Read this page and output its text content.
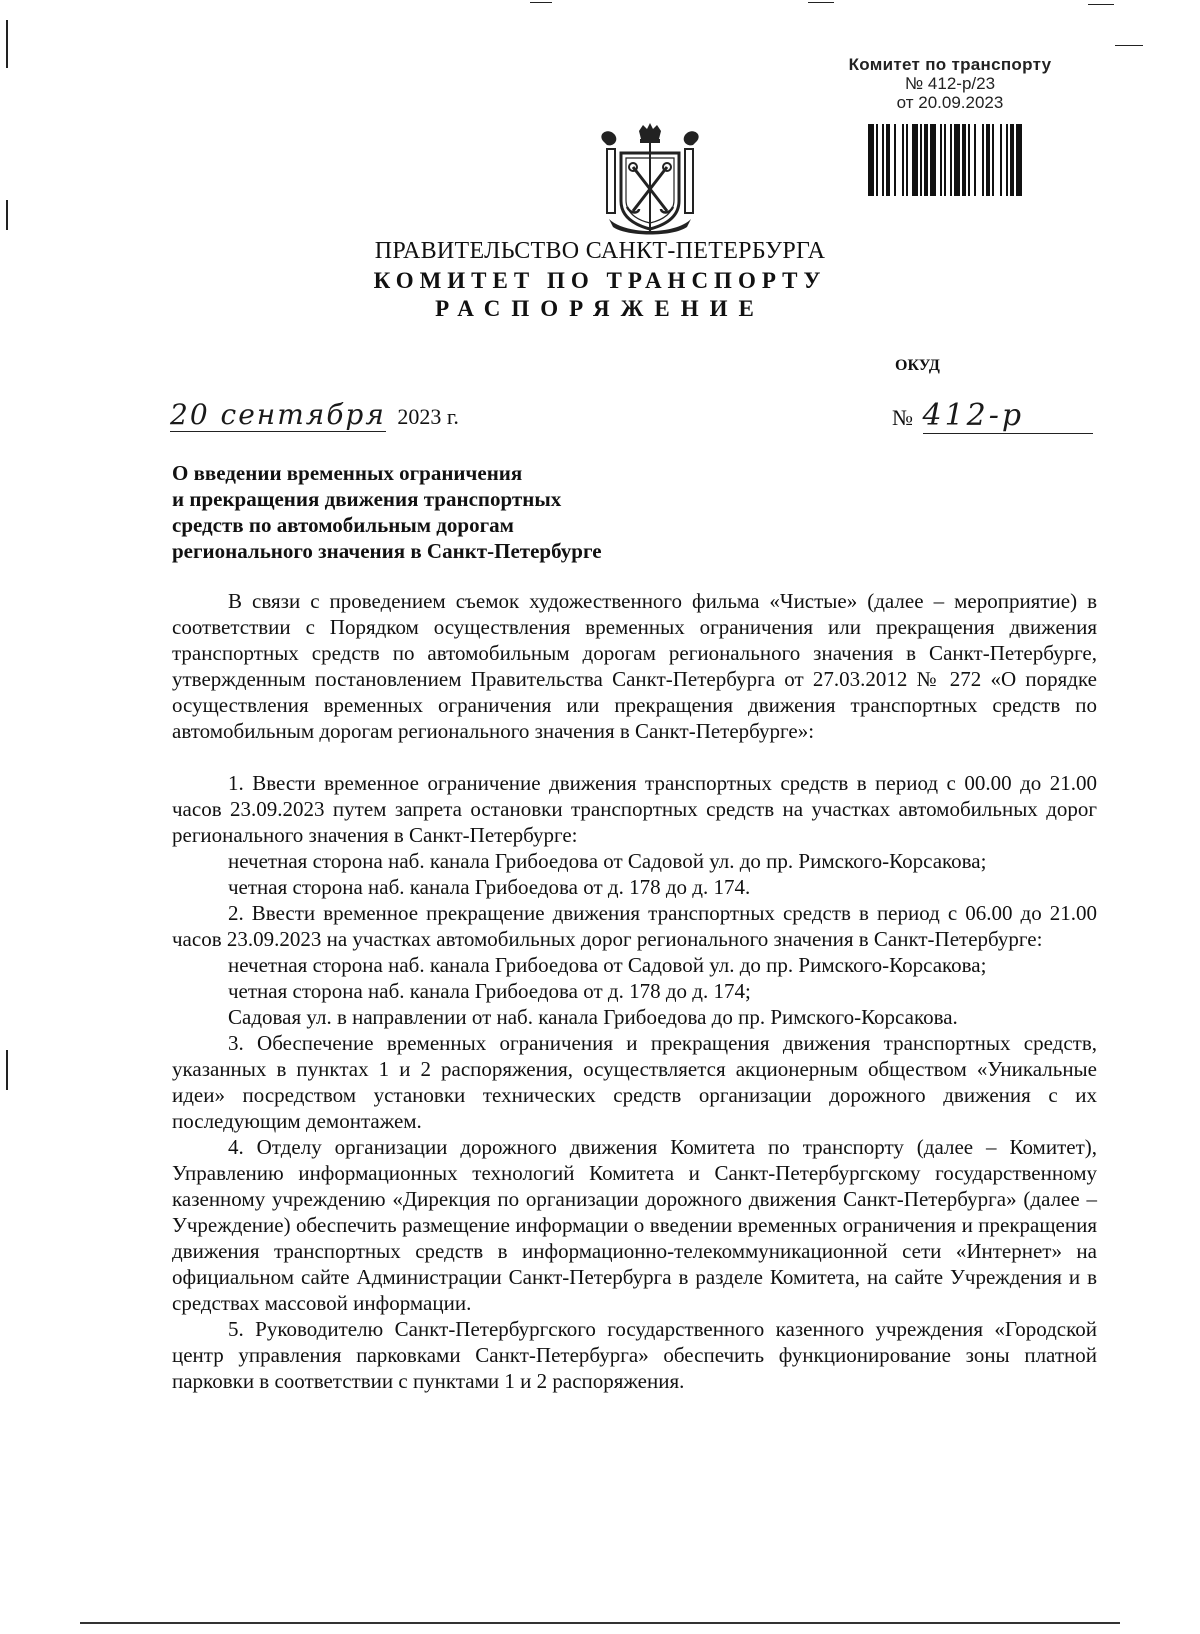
Комитет по транспорту
№ 412-р/23
от 20.09.2023
ПРАВИТЕЛЬСТВО САНКТ-ПЕТЕРБУРГА
КОМИТЕТ ПО ТРАНСПОРТУ
РАСПОРЯЖЕНИЕ
ОКУД
20 сентября 2023 г.	№ 412-р
О введении временных ограничения
и прекращения движения транспортных
средств по автомобильным дорогам
регионального значения в Санкт-Петербурге

В связи с проведением съемок художественного фильма «Чистые» (далее – мероприятие) в соответствии с Порядком осуществления временных ограничения или прекращения движения транспортных средств по автомобильным дорогам регионального значения в Санкт-Петербурге, утвержденным постановлением Правительства Санкт-Петербурга от 27.03.2012 № 272 «О порядке осуществления временных ограничения или прекращения движения транспортных средств по автомобильным дорогам регионального значения в Санкт-Петербурге»:

1. Ввести временное ограничение движения транспортных средств в период с 00.00 до 21.00 часов 23.09.2023 путем запрета остановки транспортных средств на участках автомобильных дорог регионального значения в Санкт-Петербурге:

нечетная сторона наб. канала Грибоедова от Садовой ул. до пр. Римского-Корсакова;

четная сторона наб. канала Грибоедова от д. 178 до д. 174.

2. Ввести временное прекращение движения транспортных средств в период с 06.00 до 21.00 часов 23.09.2023 на участках автомобильных дорог регионального значения в Санкт-Петербурге:

нечетная сторона наб. канала Грибоедова от Садовой ул. до пр. Римского-Корсакова;

четная сторона наб. канала Грибоедова от д. 178 до д. 174;

Садовая ул. в направлении от наб. канала Грибоедова до пр. Римского-Корсакова.

3. Обеспечение временных ограничения и прекращения движения транспортных средств, указанных в пунктах 1 и 2 распоряжения, осуществляется акционерным обществом «Уникальные идеи» посредством установки технических средств организации дорожного движения с их последующим демонтажем.

4. Отделу организации дорожного движения Комитета по транспорту (далее – Комитет), Управлению информационных технологий Комитета и Санкт-Петербургскому государственному казенному учреждению «Дирекция по организации дорожного движения Санкт-Петербурга» (далее – Учреждение) обеспечить размещение информации о введении временных ограничения и прекращения движения транспортных средств в информационно-телекоммуникационной сети «Интернет» на официальном сайте Администрации Санкт-Петербурга в разделе Комитета, на сайте Учреждения и в средствах массовой информации.

5. Руководителю Санкт-Петербургского государственного казенного учреждения «Городской центр управления парковками Санкт-Петербурга» обеспечить функционирование зоны платной парковки в соответствии с пунктами 1 и 2 распоряжения.
